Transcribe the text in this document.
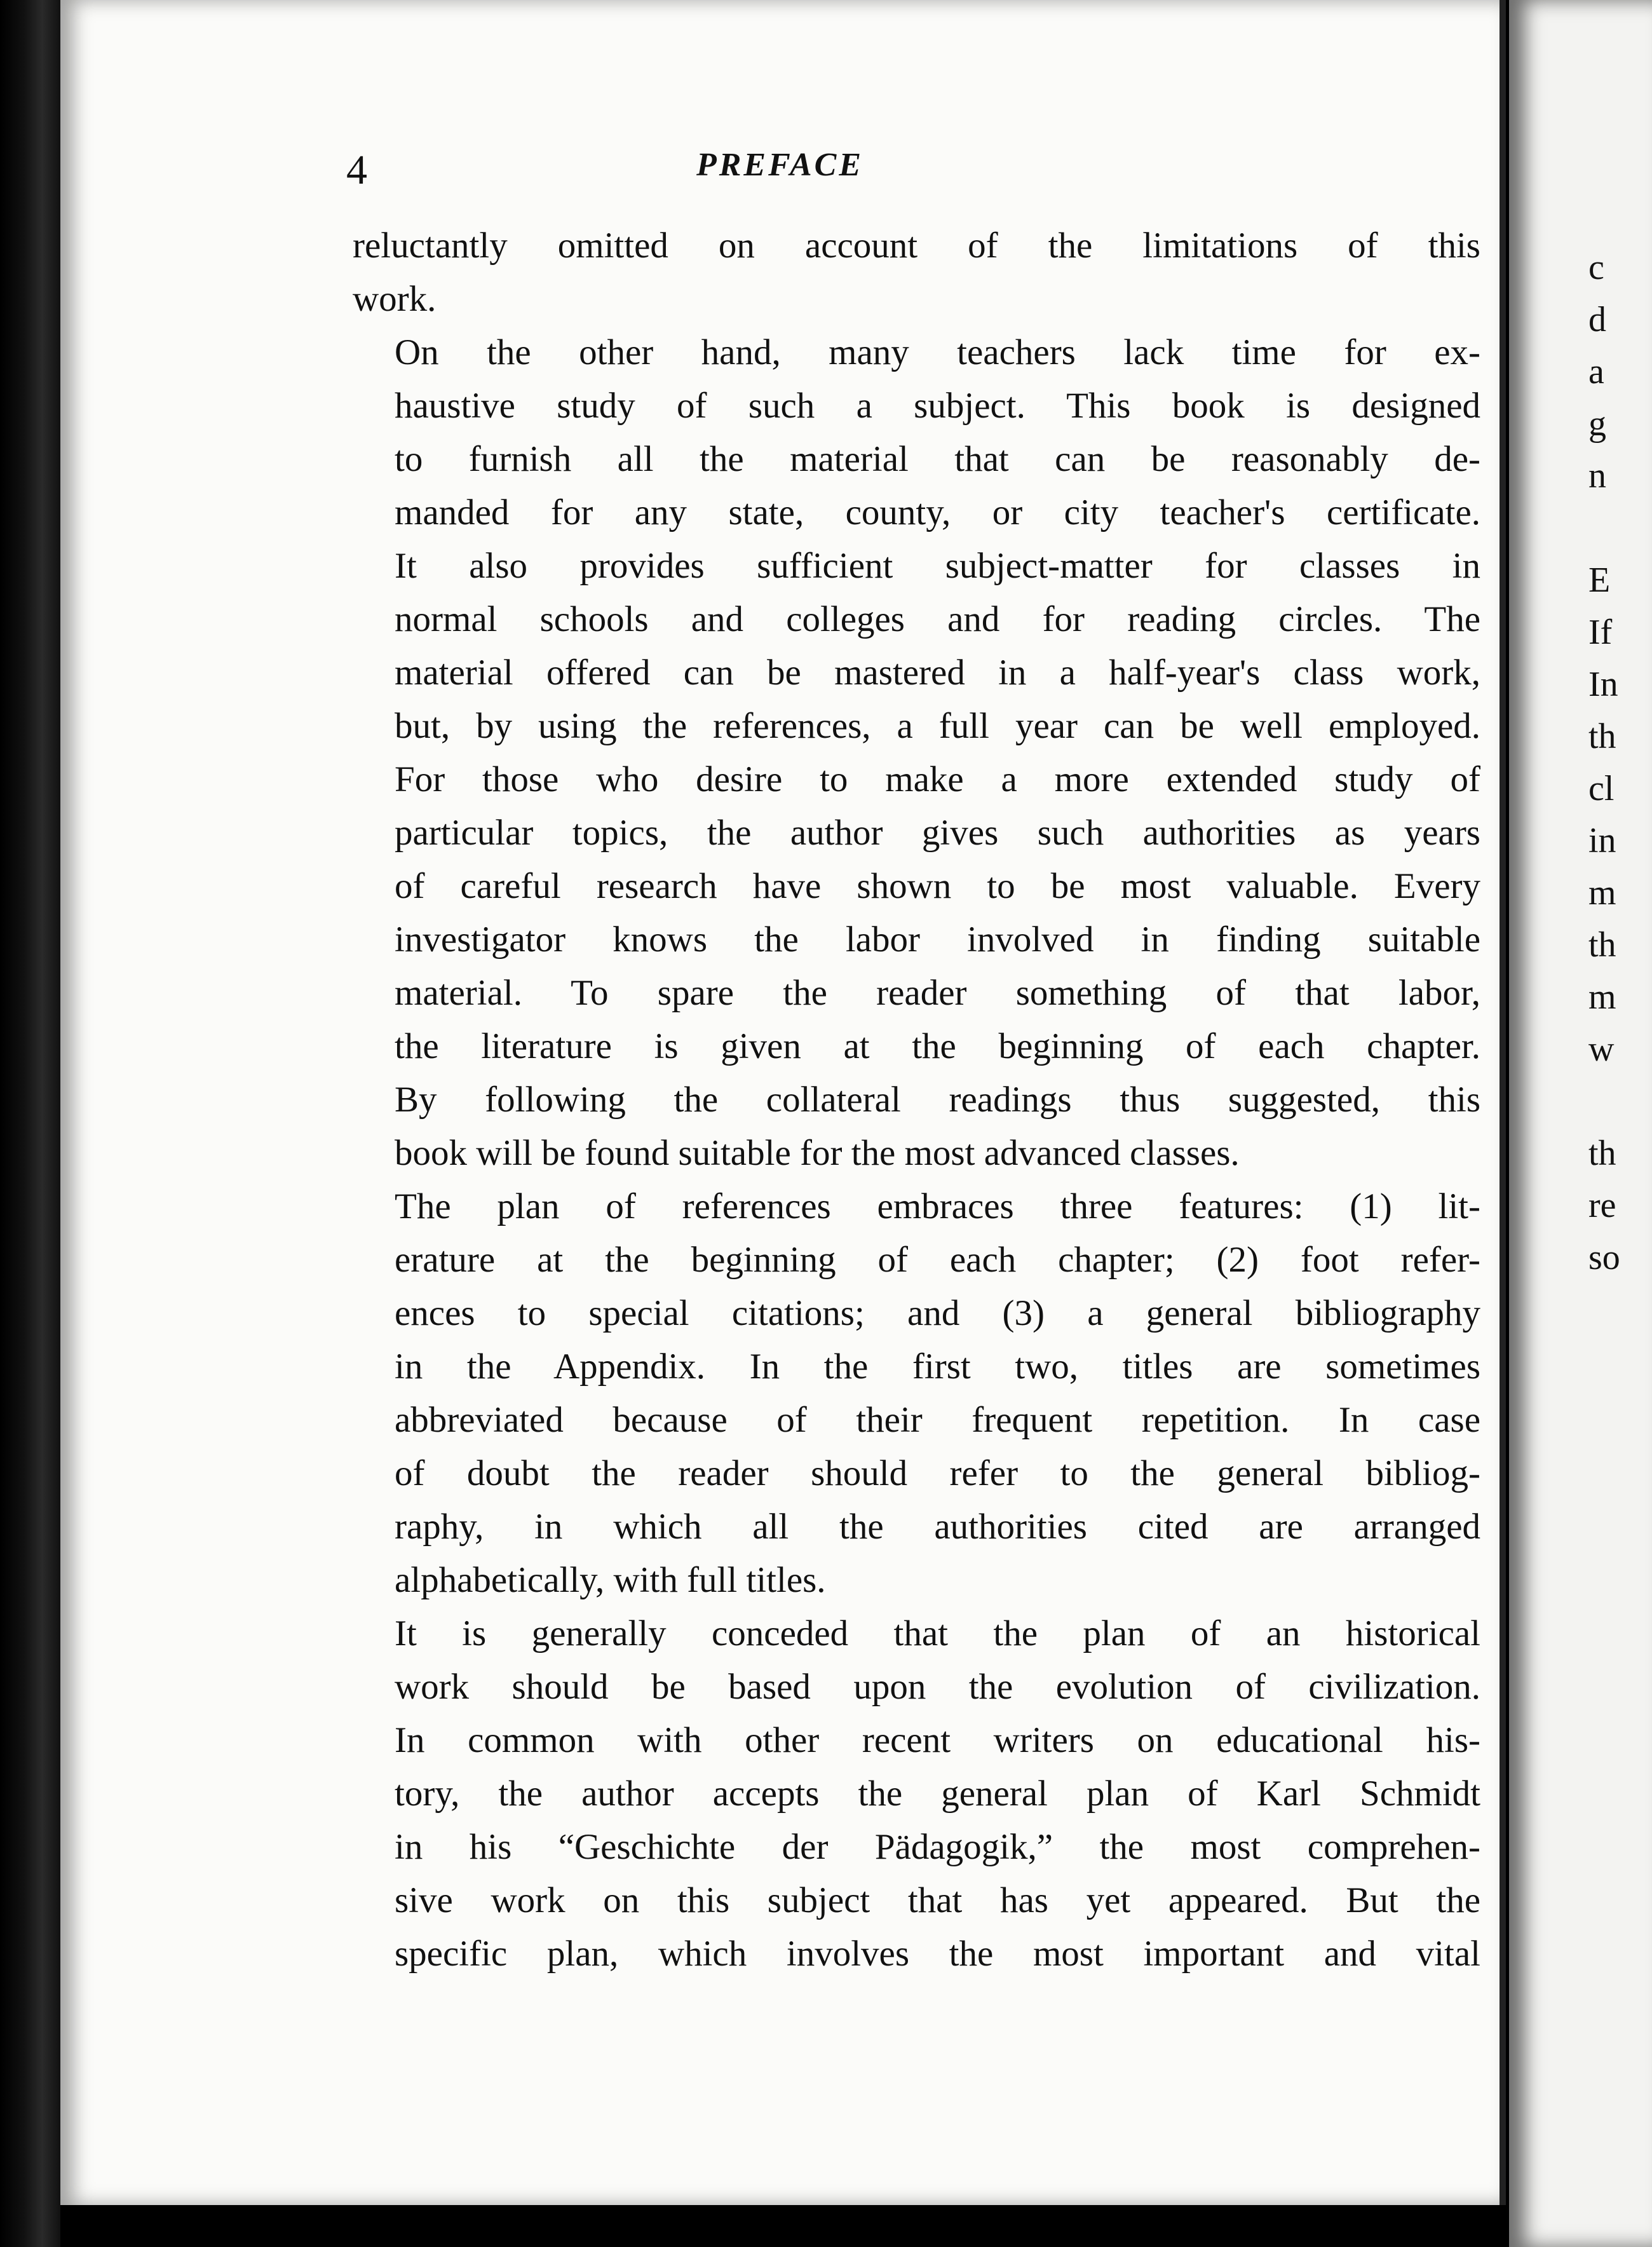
4	PREFACE

reluctantly omitted on account of the limitations of this
work.

On the other hand, many teachers lack time for ex-
haustive study of such a subject. This book is designed
to furnish all the material that can be reasonably de-
manded for any state, county, or city teacher's certificate.
It also provides sufficient subject-matter for classes in
normal schools and colleges and for reading circles. The
material offered can be mastered in a half-year's class work,
but, by using the references, a full year can be well employed.
For those who desire to make a more extended study of
particular topics, the author gives such authorities as years
of careful research have shown to be most valuable. Every
investigator knows the labor involved in finding suitable
material. To spare the reader something of that labor,
the literature is given at the beginning of each chapter.
By following the collateral readings thus suggested, this
book will be found suitable for the most advanced classes.

The plan of references embraces three features: (1) lit-
erature at the beginning of each chapter; (2) foot refer-
ences to special citations; and (3) a general bibliography
in the Appendix. In the first two, titles are sometimes
abbreviated because of their frequent repetition. In case
of doubt the reader should refer to the general bibliog-
raphy, in which all the authorities cited are arranged
alphabetically, with full titles.

It is generally conceded that the plan of an historical
work should be based upon the evolution of civilization.
In common with other recent writers on educational his-
tory, the author accepts the general plan of Karl Schmidt
in his “Geschichte der Pädagogik,” the most comprehen-
sive work on this subject that has yet appeared. But the
specific plan, which involves the most important and vital

c
d
a
g
n
E
If
In
th
cl
in
m
th
m
w
th
re
so
